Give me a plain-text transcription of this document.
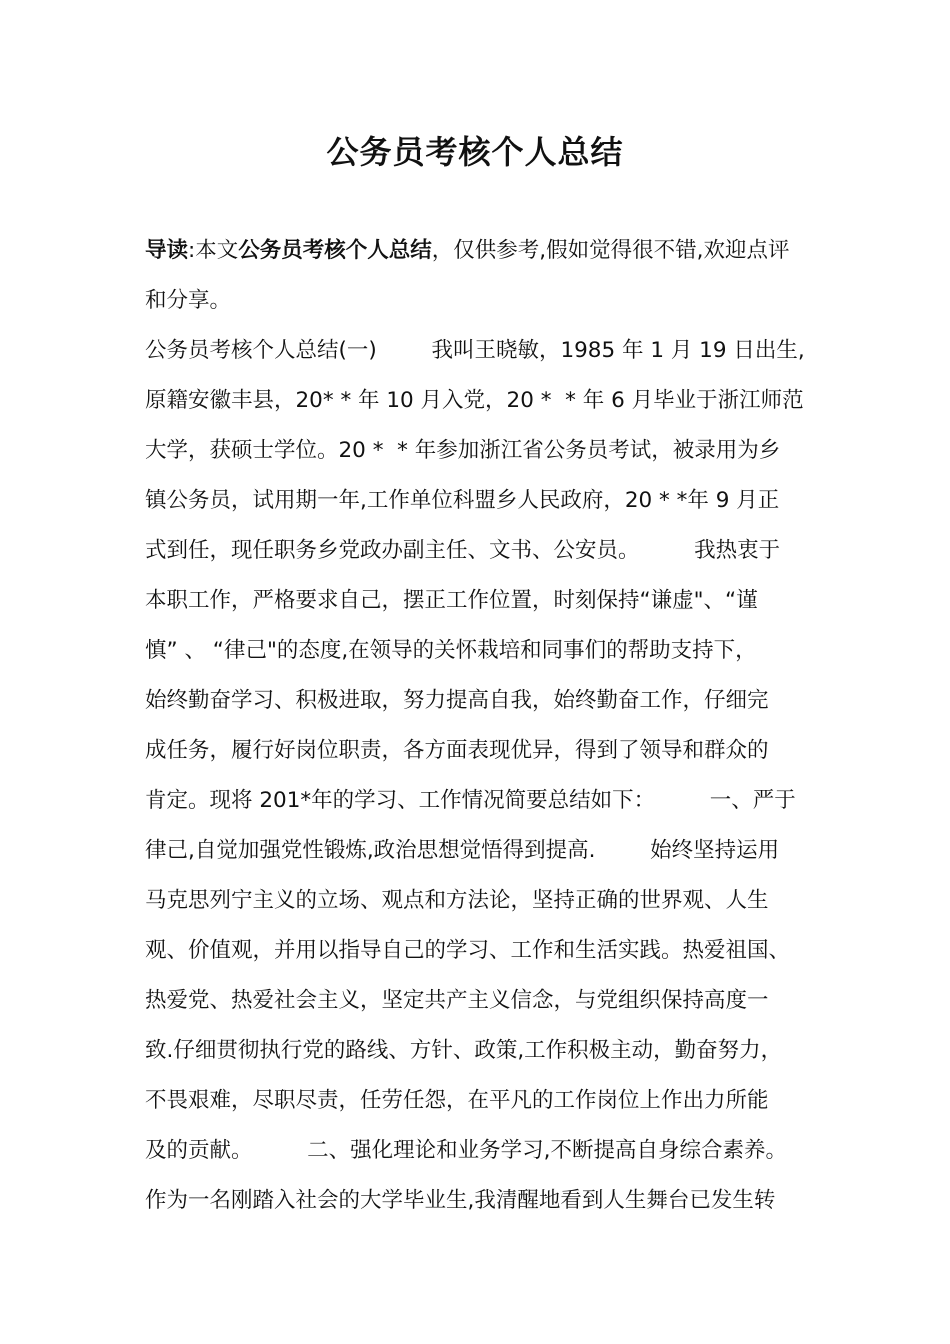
公务员考核个人总结
导读:本文公务员考核个人总结，仅供参考,假如觉得很不错,欢迎点评
和分享。
公务员考核个人总结(一)        我叫王晓敏，1985 年 1 月 19 日出生,
原籍安徽丰县，20* * 年 10 月入党，20 *  * 年 6 月毕业于浙江师范
大学，获硕士学位。20 *  * 年参加浙江省公务员考试，被录用为乡
镇公务员，试用期一年,工作单位科盟乡人民政府，20 * *年 9 月正
式到任，现任职务乡党政办副主任、文书、公安员。        我热衷于
本职工作，严格要求自己，摆正工作位置，时刻保持“谦虚"、“谨
慎” 、 “律己"的态度,在领导的关怀栽培和同事们的帮助支持下，
始终勤奋学习、积极进取，努力提高自我，始终勤奋工作，仔细完
成任务，履行好岗位职责，各方面表现优异，得到了领导和群众的
肯定。现将 201*年的学习、工作情况简要总结如下：        一、严于
律己,自觉加强党性锻炼,政治思想觉悟得到提高.        始终坚持运用
马克思列宁主义的立场、观点和方法论，坚持正确的世界观、人生
观、价值观，并用以指导自己的学习、工作和生活实践。热爱祖国、
热爱党、热爱社会主义，坚定共产主义信念，与党组织保持高度一
致.仔细贯彻执行党的路线、方针、政策,工作积极主动，勤奋努力，
不畏艰难，尽职尽责，任劳任怨，在平凡的工作岗位上作出力所能
及的贡献。        二、强化理论和业务学习,不断提高自身综合素养。
作为一名刚踏入社会的大学毕业生,我清醒地看到人生舞台已发生转
